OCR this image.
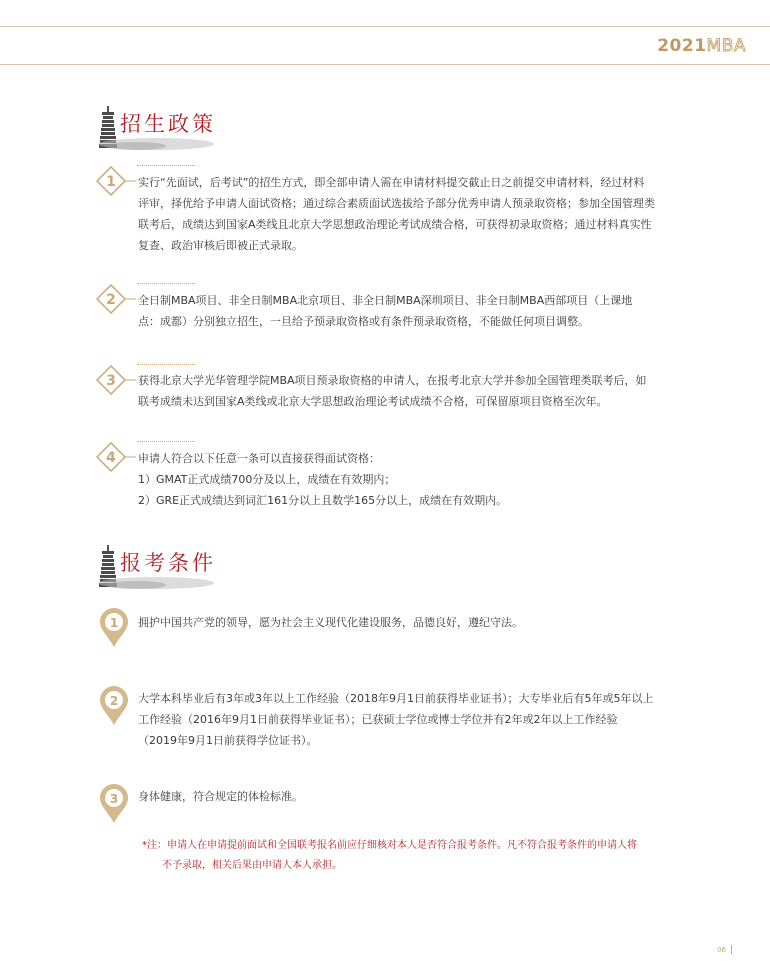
2021MBA
招生政策
1 实行“先面试，后考试”的招生方式，即全部申请人需在申请材料提交截止日之前提交申请材料，经过材料

评审，择优给予申请人面试资格；通过综合素质面试选拔给予部分优秀申请人预录取资格；参加全国管理类

联考后，成绩达到国家A类线且北京大学思想政治理论考试成绩合格，可获得初录取资格；通过材料真实性

复查、政治审核后即被正式录取。

2 全日制MBA项目、非全日制MBA北京项目、非全日制MBA深圳项目、非全日制MBA西部项目（上课地

点：成都）分别独立招生，一旦给予预录取资格或有条件预录取资格，不能做任何项目调整。

3 获得北京大学光华管理学院MBA项目预录取资格的申请人，在报考北京大学并参加全国管理类联考后，如

联考成绩未达到国家A类线或北京大学思想政治理论考试成绩不合格，可保留原项目资格至次年。

4 申请人符合以下任意一条可以直接获得面试资格：

1）GMAT正式成绩700分及以上，成绩在有效期内；

2）GRE正式成绩达到词汇161分以上且数学165分以上，成绩在有效期内。

报考条件
1 拥护中国共产党的领导，愿为社会主义现代化建设服务，品德良好，遵纪守法。

2 大学本科毕业后有3年或3年以上工作经验（2018年9月1日前获得毕业证书）；大专毕业后有5年或5年以上

工作经验（2016年9月1日前获得毕业证书）；已获硕士学位或博士学位并有2年或2年以上工作经验

（2019年9月1日前获得学位证书）。

3 身体健康，符合规定的体检标准。

*注：申请人在申请提前面试和全国联考报名前应仔细核对本人是否符合报考条件。凡不符合报考条件的申请人将

不予录取，相关后果由申请人本人承担。

06
